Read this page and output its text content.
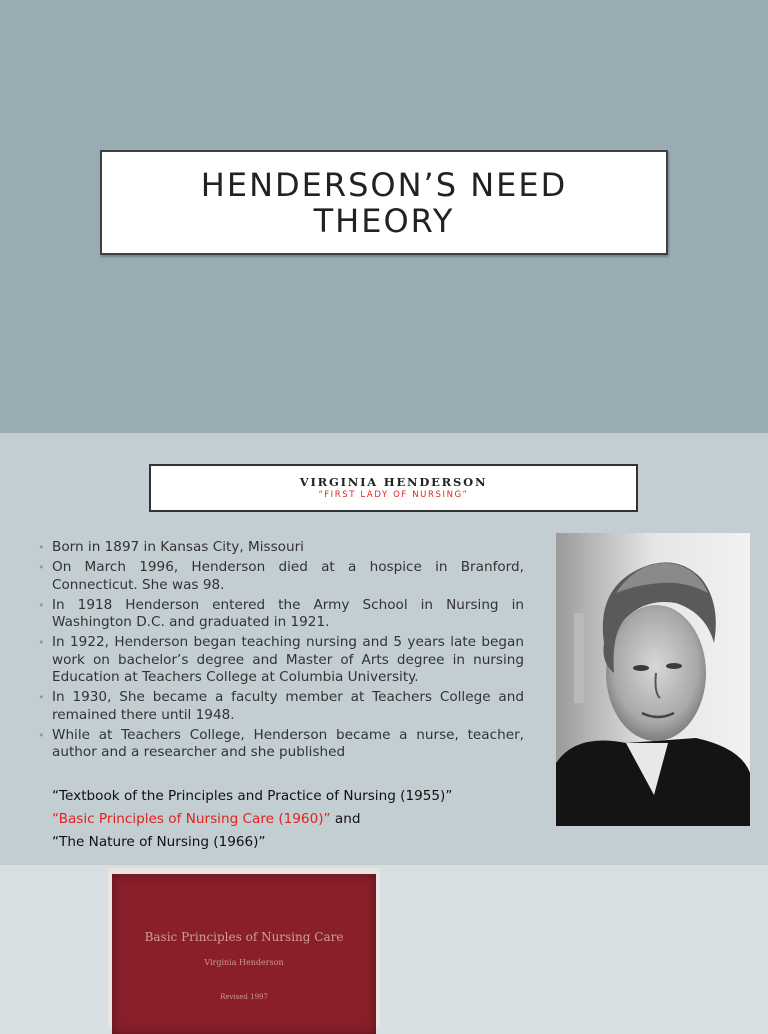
HENDERSON’S NEED THEORY
VIRGINIA HENDERSON
“FIRST LADY OF NURSING”
• Born in 1897 in Kansas City, Missouri
• On March 1996, Henderson died at a hospice in Branford, Connecticut. She was 98.
• In 1918 Henderson entered the Army School in Nursing in Washington D.C. and graduated in 1921.
• In 1922, Henderson began teaching nursing and 5 years late began work on bachelor’s degree and Master of Arts degree in nursing Education at Teachers College at Columbia University.
• In 1930, She became a faculty member at Teachers College and remained there until 1948.
• While at Teachers College, Henderson became a nurse, teacher, author and a researcher and she published
“Textbook of the Principles and Practice of Nursing (1955)”
“Basic Principles of Nursing Care (1960)” and
“The Nature of Nursing (1966)”
Basic Principles of Nursing Care
Virginia Henderson
Revised 1997
